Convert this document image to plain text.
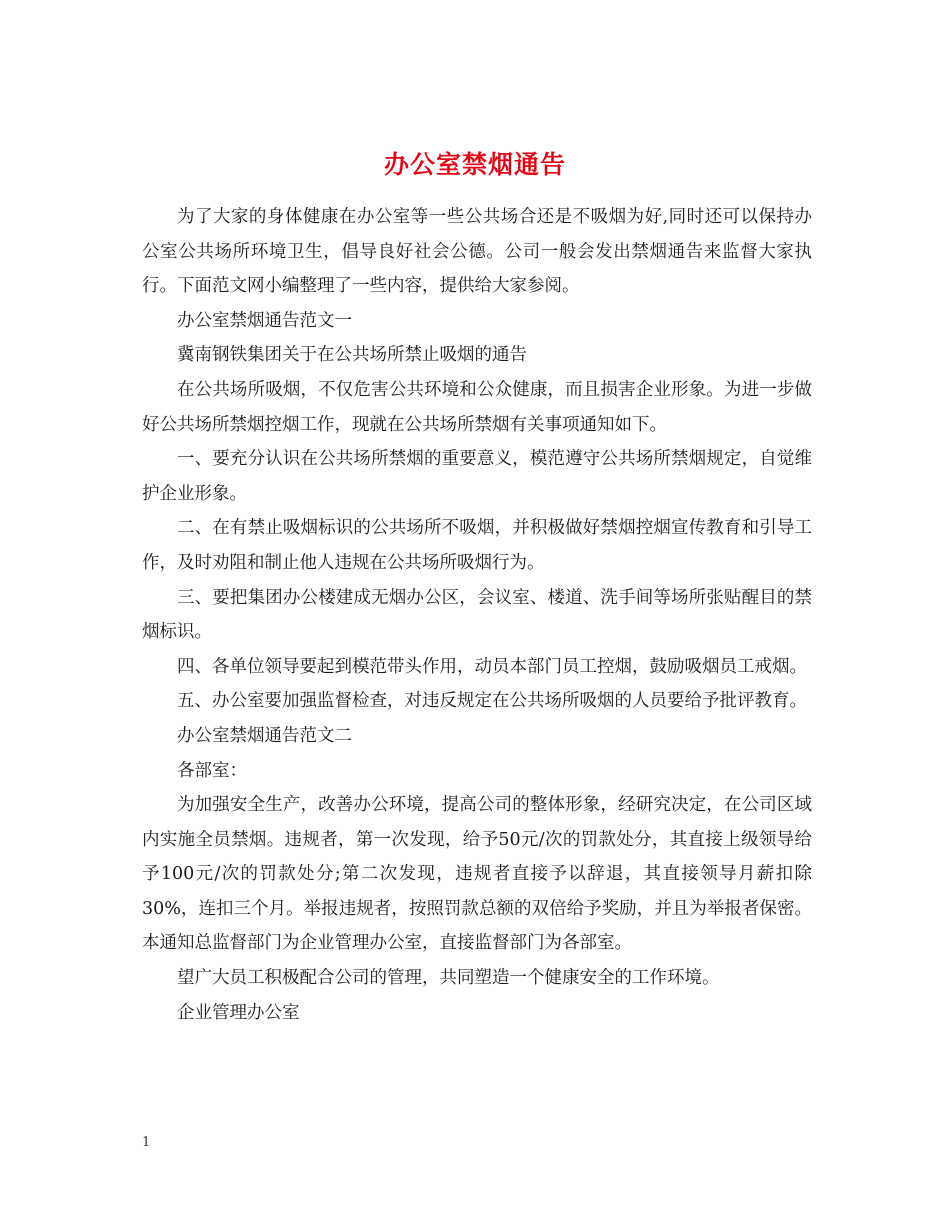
办公室禁烟通告

为了大家的身体健康在办公室等一些公共场合还是不吸烟为好,同时还可以保持办公室公共场所环境卫生，倡导良好社会公德。公司一般会发出禁烟通告来监督大家执行。下面范文网小编整理了一些内容，提供给大家参阅。

办公室禁烟通告范文一

冀南钢铁集团关于在公共场所禁止吸烟的通告

在公共场所吸烟，不仅危害公共环境和公众健康，而且损害企业形象。为进一步做好公共场所禁烟控烟工作，现就在公共场所禁烟有关事项通知如下。

一、要充分认识在公共场所禁烟的重要意义，模范遵守公共场所禁烟规定，自觉维护企业形象。

二、在有禁止吸烟标识的公共场所不吸烟，并积极做好禁烟控烟宣传教育和引导工作，及时劝阻和制止他人违规在公共场所吸烟行为。

三、要把集团办公楼建成无烟办公区，会议室、楼道、洗手间等场所张贴醒目的禁烟标识。

四、各单位领导要起到模范带头作用，动员本部门员工控烟，鼓励吸烟员工戒烟。

五、办公室要加强监督检查，对违反规定在公共场所吸烟的人员要给予批评教育。

办公室禁烟通告范文二

各部室：

为加强安全生产，改善办公环境，提高公司的整体形象，经研究决定，在公司区域内实施全员禁烟。违规者，第一次发现，给予50元/次的罚款处分，其直接上级领导给予100元/次的罚款处分;第二次发现，违规者直接予以辞退，其直接领导月薪扣除30%，连扣三个月。举报违规者，按照罚款总额的双倍给予奖励，并且为举报者保密。本通知总监督部门为企业管理办公室，直接监督部门为各部室。

望广大员工积极配合公司的管理，共同塑造一个健康安全的工作环境。

企业管理办公室

1
